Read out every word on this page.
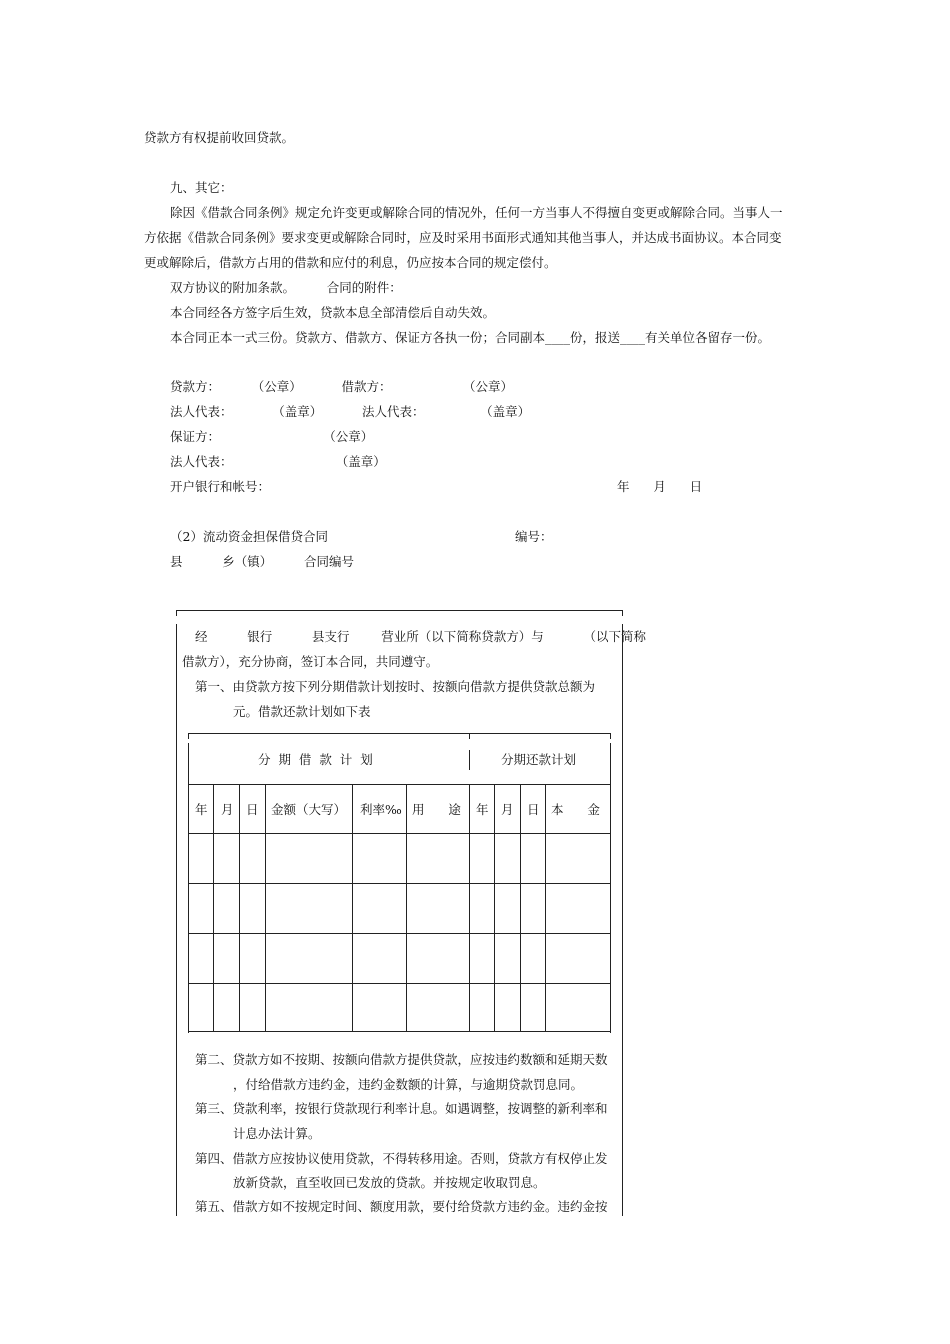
贷款方有权提前收回贷款。
九、其它：
除因《借款合同条例》规定允许变更或解除合同的情况外，任何一方当事人不得擅自变更或解除合同。当事人一
方依据《借款合同条例》要求变更或解除合同时，应及时采用书面形式通知其他当事人，并达成书面协议。本合同变
更或解除后，借款方占用的借款和应付的利息，仍应按本合同的规定偿付。
双方协议的附加条款。        合同的附件：
本合同经各方签字后生效，贷款本息全部清偿后自动失效。
本合同正本一式三份。贷款方、借款方、保证方各执一份；合同副本____份，报送____有关单位各留存一份。
贷款方：        （公章）          借款方：                  （公章）
法人代表：          （盖章）          法人代表：              （盖章）
保证方：                          （公章）
法人代表：                          （盖章）
开户银行和帐号：	年      月      日
（2）流动资金担保借贷合同	编号：
县          乡（镇）        合同编号
经          银行          县支行        营业所（以下简称贷款方）与          （以下简称
借款方），充分协商，签订本合同，共同遵守。
第一、由贷款方按下列分期借款计划按时、按额向借款方提供贷款总额为
元。借款还款计划如下表
分  期  借  款  计  划	分期还款计划
年 月 日 金额（大写） 利率‰ 用      途 年 月 日 本      金
第二、贷款方如不按期、按额向借款方提供贷款，应按违约数额和延期天数
，付给借款方违约金，违约金数额的计算，与逾期贷款罚息同。
第三、贷款利率，按银行贷款现行利率计息。如遇调整，按调整的新利率和
计息办法计算。
第四、借款方应按协议使用贷款，不得转移用途。否则，贷款方有权停止发
放新贷款，直至收回已发放的贷款。并按规定收取罚息。
第五、借款方如不按规定时间、额度用款，要付给贷款方违约金。违约金按
